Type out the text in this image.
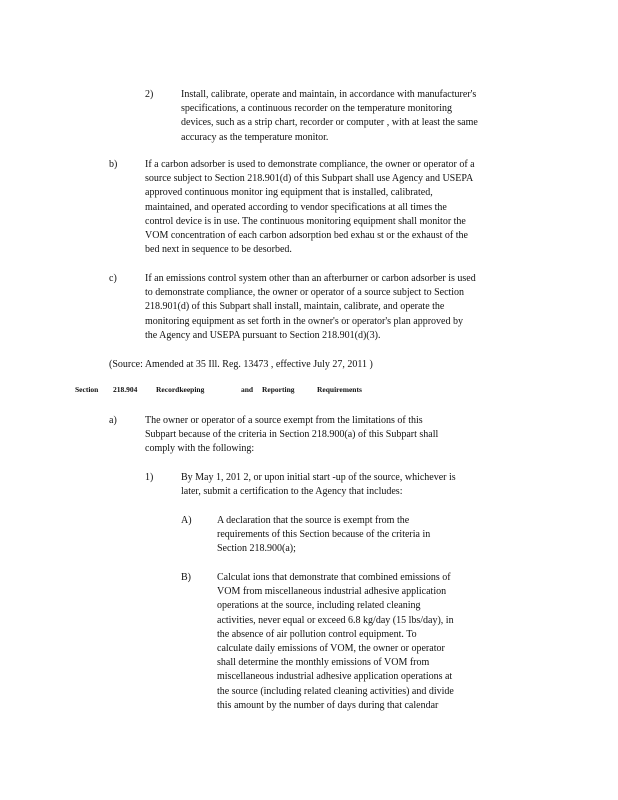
2)	Install, calibrate, operate and maintain, in accordance with manufacturer's

specifications, a continuous recorder on the temperature monitoring

devices, such as a strip chart, recorder or computer , with at least the same

accuracy as the temperature monitor.

b)	If a carbon adsorber is used to demonstrate compliance, the owner or operator of a

source subject to Section 218.901(d) of this Subpart shall use Agency and USEPA

approved continuous monitor ing equipment that is installed, calibrated,

maintained, and operated according to vendor specifications at all times the

control device is in use. The continuous monitoring equipment shall monitor the

VOM concentration of each carbon adsorption bed exhau st or the exhaust of the

bed next in sequence to be desorbed.

c)	If an emissions control system other than an afterburner or carbon adsorber is used

to demonstrate compliance, the owner or operator of a source subject to Section

218.901(d) of this Subpart shall install, maintain, calibrate, and operate the

monitoring equipment as set forth in the owner's or operator's plan approved by

the Agency and USEPA pursuant to Section 218.901(d)(3).

(Source: Amended at 35 Ill. Reg. 13473 , effective July 27, 2011 )

Section 218.904 Recordkeeping	and Reporting	Requirements
a)	The owner or operator of a source exempt from the limitations of this

Subpart because of the criteria in Section 218.900(a) of this Subpart shall

comply with the following:

1)	By May 1, 201 2, or upon initial start -up of the source, whichever is

later, submit a certification to the Agency that includes:

A)	A declaration that the source is exempt from the

requirements of this Section because of the criteria in

Section 218.900(a);

B)	Calculat ions that demonstrate that combined emissions of

VOM from miscellaneous industrial adhesive application

operations at the source, including related cleaning

activities, never equal or exceed 6.8 kg/day (15 lbs/day), in

the absence of air pollution control equipment. To

calculate daily emissions of VOM, the owner or operator

shall determine the monthly emissions of VOM from

miscellaneous industrial adhesive application operations at

the source (including related cleaning activities) and divide

this amount by the number of days during that calendar
